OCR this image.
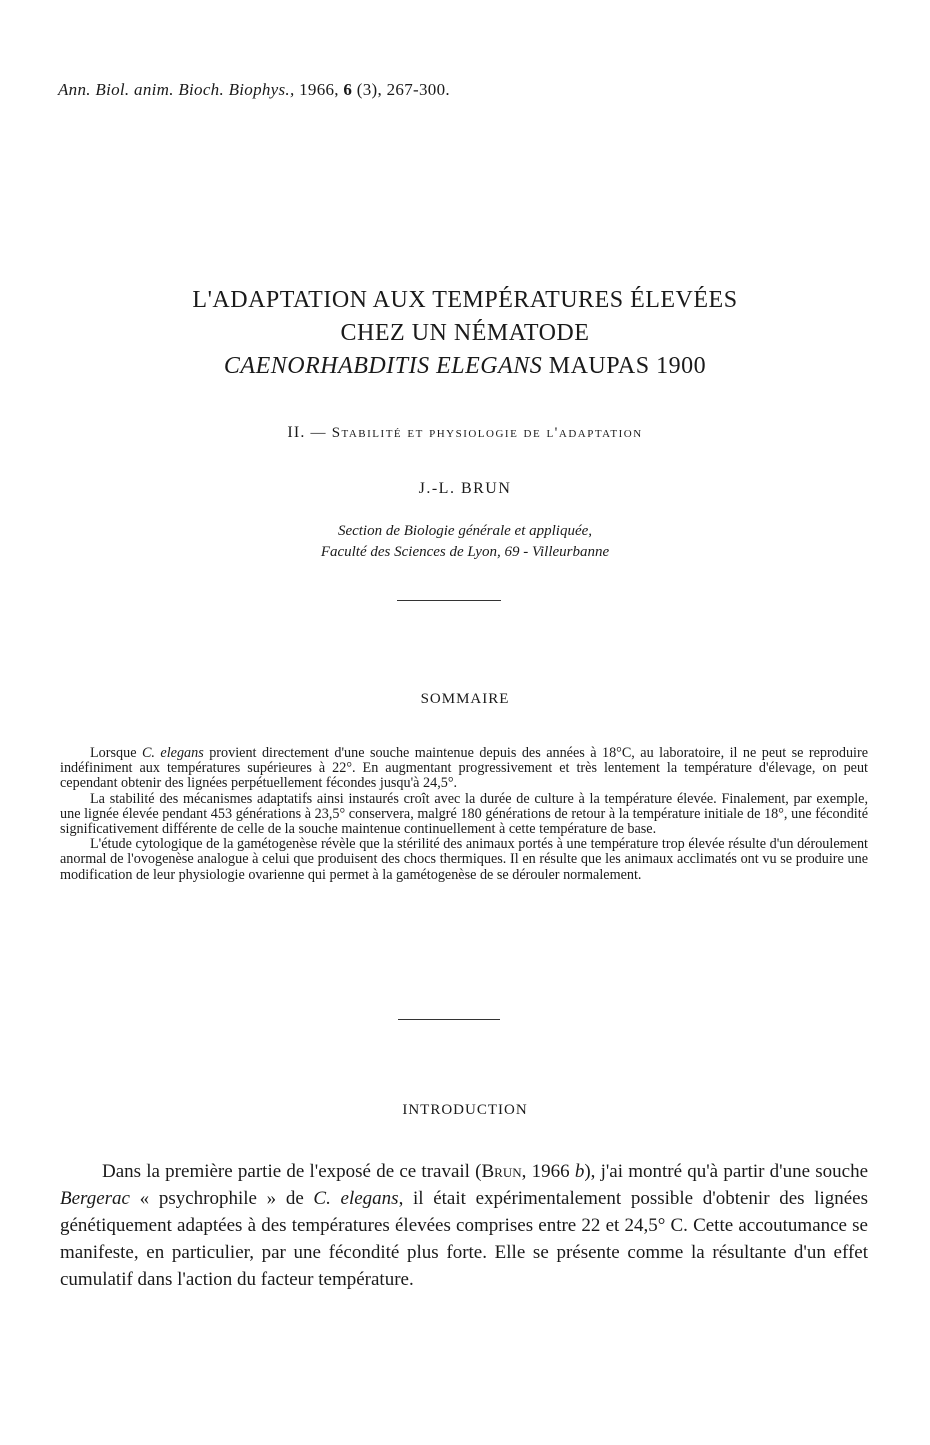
Ann. Biol. anim. Bioch. Biophys., 1966, 6 (3), 267-300.
L'ADAPTATION AUX TEMPÉRATURES ÉLEVÉES
CHEZ UN NÉMATODE
CAENORHABDITIS ELEGANS MAUPAS 1900
II. — Stabilité et physiologie de l'adaptation
J.-L. BRUN
Section de Biologie générale et appliquée,
Faculté des Sciences de Lyon, 69 - Villeurbanne
SOMMAIRE

Lorsque C. elegans provient directement d'une souche maintenue depuis des années à 18°C, au laboratoire, il ne peut se reproduire indéfiniment aux températures supérieures à 22°. En augmentant progressivement et très lentement la température d'élevage, on peut cependant obtenir des lignées perpétuellement fécondes jusqu'à 24,5°.

La stabilité des mécanismes adaptatifs ainsi instaurés croît avec la durée de culture à la température élevée. Finalement, par exemple, une lignée élevée pendant 453 générations à 23,5° conservera, malgré 180 générations de retour à la température initiale de 18°, une fécondité significativement différente de celle de la souche maintenue continuellement à cette température de base.

L'étude cytologique de la gamétogenèse révèle que la stérilité des animaux portés à une température trop élevée résulte d'un déroulement anormal de l'ovogenèse analogue à celui que produisent des chocs thermiques. Il en résulte que les animaux acclimatés ont vu se produire une modification de leur physiologie ovarienne qui permet à la gamétogenèse de se dérouler normalement.

INTRODUCTION

Dans la première partie de l'exposé de ce travail (Brun, 1966 b), j'ai montré qu'à partir d'une souche Bergerac « psychrophile » de C. elegans, il était expérimentalement possible d'obtenir des lignées génétiquement adaptées à des températures élevées comprises entre 22 et 24,5° C. Cette accoutumance se manifeste, en particulier, par une fécondité plus forte. Elle se présente comme la résultante d'un effet cumulatif dans l'action du facteur température.
